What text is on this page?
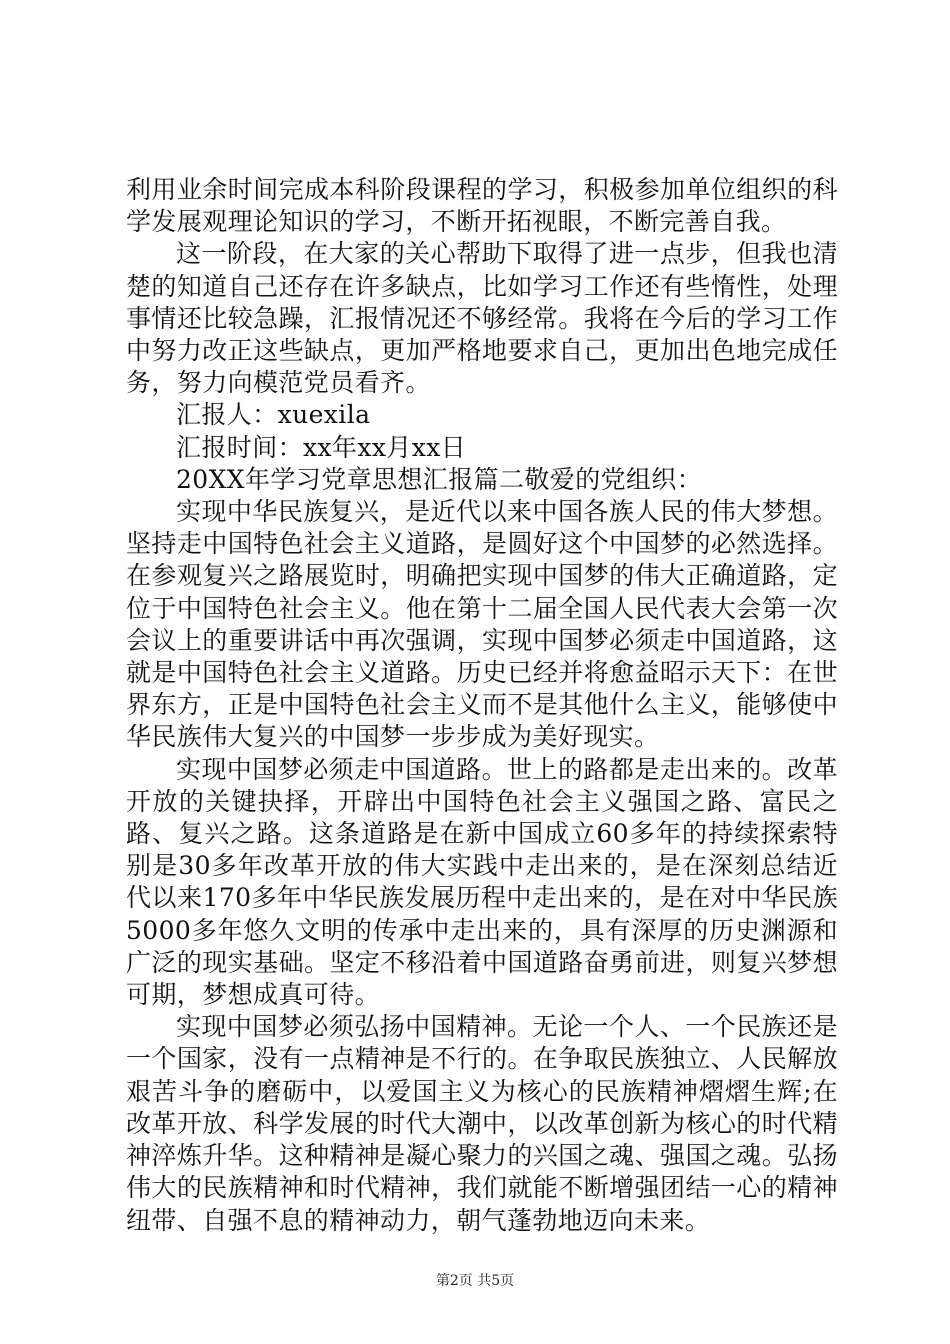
利用业余时间完成本科阶段课程的学习，积极参加单位组织的科学发展观理论知识的学习，不断开拓视眼，不断完善自我。

这一阶段，在大家的关心帮助下取得了进一点步，但我也清楚的知道自己还存在许多缺点，比如学习工作还有些惰性，处理事情还比较急躁，汇报情况还不够经常。我将在今后的学习工作中努力改正这些缺点，更加严格地要求自己，更加出色地完成任务，努力向模范党员看齐。

汇报人：xuexila

汇报时间：xx年xx月xx日

20XX年学习党章思想汇报篇二敬爱的党组织：

实现中华民族复兴，是近代以来中国各族人民的伟大梦想。坚持走中国特色社会主义道路，是圆好这个中国梦的必然选择。在参观复兴之路展览时，明确把实现中国梦的伟大正确道路，定位于中国特色社会主义。他在第十二届全国人民代表大会第一次会议上的重要讲话中再次强调，实现中国梦必须走中国道路，这就是中国特色社会主义道路。历史已经并将愈益昭示天下：在世界东方，正是中国特色社会主义而不是其他什么主义，能够使中华民族伟大复兴的中国梦一步步成为美好现实。

实现中国梦必须走中国道路。世上的路都是走出来的。改革开放的关键抉择，开辟出中国特色社会主义强国之路、富民之路、复兴之路。这条道路是在新中国成立60多年的持续探索特别是30多年改革开放的伟大实践中走出来的，是在深刻总结近代以来170多年中华民族发展历程中走出来的，是在对中华民族5000多年悠久文明的传承中走出来的，具有深厚的历史渊源和广泛的现实基础。坚定不移沿着中国道路奋勇前进，则复兴梦想可期，梦想成真可待。

实现中国梦必须弘扬中国精神。无论一个人、一个民族还是一个国家，没有一点精神是不行的。在争取民族独立、人民解放艰苦斗争的磨砺中，以爱国主义为核心的民族精神熠熠生辉;在改革开放、科学发展的时代大潮中，以改革创新为核心的时代精神淬炼升华。这种精神是凝心聚力的兴国之魂、强国之魂。弘扬伟大的民族精神和时代精神，我们就能不断增强团结一心的精神纽带、自强不息的精神动力，朝气蓬勃地迈向未来。

第2页 共5页
